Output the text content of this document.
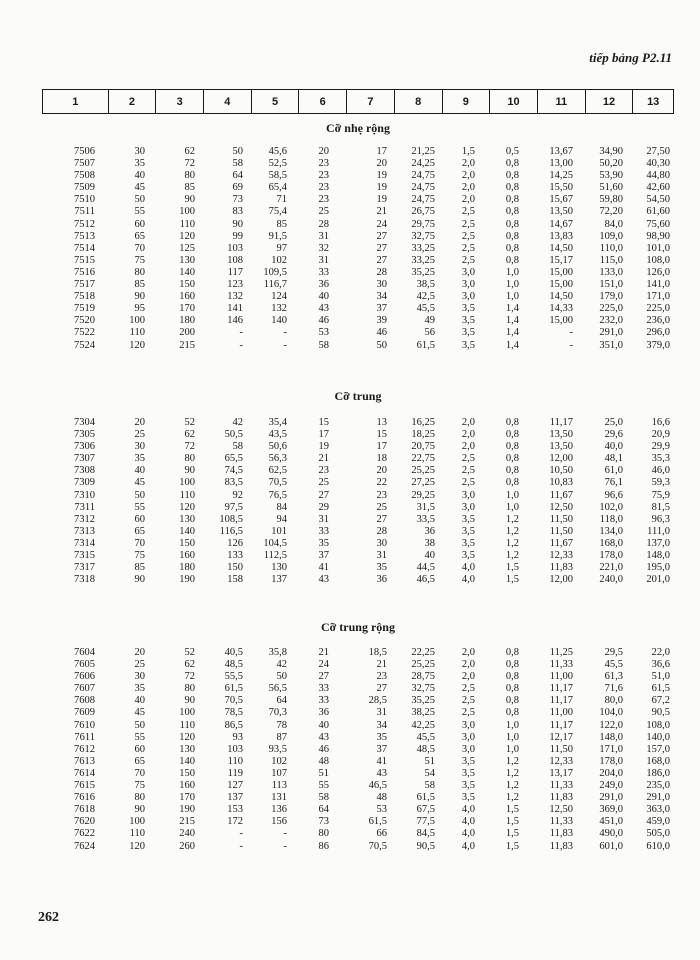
tiếp bảng P2.11
1	2	3	4	5	6	7	8	9	10	11	12	13
Cỡ nhẹ rộng
7506	30	62	50	45,6	20	17	21,25	1,5	0,5	13,67	34,90	27,50
7507	35	72	58	52,5	23	20	24,25	2,0	0,8	13,00	50,20	40,30
7508	40	80	64	58,5	23	19	24,75	2,0	0,8	14,25	53,90	44,80
7509	45	85	69	65,4	23	19	24,75	2,0	0,8	15,50	51,60	42,60
7510	50	90	73	71	23	19	24,75	2,0	0,8	15,67	59,80	54,50
7511	55	100	83	75,4	25	21	26,75	2,5	0,8	13,50	72,20	61,60
7512	60	110	90	85	28	24	29,75	2,5	0,8	14,67	84,0	75,60
7513	65	120	99	91,5	31	27	32,75	2,5	0,8	13,83	109,0	98,90
7514	70	125	103	97	32	27	33,25	2,5	0,8	14,50	110,0	101,0
7515	75	130	108	102	31	27	33,25	2,5	0,8	15,17	115,0	108,0
7516	80	140	117	109,5	33	28	35,25	3,0	1,0	15,00	133,0	126,0
7517	85	150	123	116,7	36	30	38,5	3,0	1,0	15,00	151,0	141,0
7518	90	160	132	124	40	34	42,5	3,0	1,0	14,50	179,0	171,0
7519	95	170	141	132	43	37	45,5	3,5	1,4	14,33	225,0	225,0
7520	100	180	146	140	46	39	49	3,5	1,4	15,00	232,0	236,0
7522	110	200	-	-	53	46	56	3,5	1,4	-	291,0	296,0
7524	120	215	-	-	58	50	61,5	3,5	1,4	-	351,0	379,0
Cỡ trung
7304	20	52	42	35,4	15	13	16,25	2,0	0,8	11,17	25,0	16,6
7305	25	62	50,5	43,5	17	15	18,25	2,0	0,8	13,50	29,6	20,9
7306	30	72	58	50,6	19	17	20,75	2,0	0,8	13,50	40,0	29,9
7307	35	80	65,5	56,3	21	18	22,75	2,5	0,8	12,00	48,1	35,3
7308	40	90	74,5	62,5	23	20	25,25	2,5	0,8	10,50	61,0	46,0
7309	45	100	83,5	70,5	25	22	27,25	2,5	0,8	10,83	76,1	59,3
7310	50	110	92	76,5	27	23	29,25	3,0	1,0	11,67	96,6	75,9
7311	55	120	97,5	84	29	25	31,5	3,0	1,0	12,50	102,0	81,5
7312	60	130	108,5	94	31	27	33,5	3,5	1,2	11,50	118,0	96,3
7313	65	140	116,5	101	33	28	36	3,5	1,2	11,50	134,0	111,0
7314	70	150	126	104,5	35	30	38	3,5	1,2	11,67	168,0	137,0
7315	75	160	133	112,5	37	31	40	3,5	1,2	12,33	178,0	148,0
7317	85	180	150	130	41	35	44,5	4,0	1,5	11,83	221,0	195,0
7318	90	190	158	137	43	36	46,5	4,0	1,5	12,00	240,0	201,0
Cỡ trung rộng
7604	20	52	40,5	35,8	21	18,5	22,25	2,0	0,8	11,25	29,5	22,0
7605	25	62	48,5	42	24	21	25,25	2,0	0,8	11,33	45,5	36,6
7606	30	72	55,5	50	27	23	28,75	2,0	0,8	11,00	61,3	51,0
7607	35	80	61,5	56,5	33	27	32,75	2,5	0,8	11,17	71,6	61,5
7608	40	90	70,5	64	33	28,5	35,25	2,5	0,8	11,17	80,0	67,2
7609	45	100	78,5	70,3	36	31	38,25	2,5	0,8	11,00	104,0	90,5
7610	50	110	86,5	78	40	34	42,25	3,0	1,0	11,17	122,0	108,0
7611	55	120	93	87	43	35	45,5	3,0	1,0	12,17	148,0	140,0
7612	60	130	103	93,5	46	37	48,5	3,0	1,0	11,50	171,0	157,0
7613	65	140	110	102	48	41	51	3,5	1,2	12,33	178,0	168,0
7614	70	150	119	107	51	43	54	3,5	1,2	13,17	204,0	186,0
7615	75	160	127	113	55	46,5	58	3,5	1,2	11,33	249,0	235,0
7616	80	170	137	131	58	48	61,5	3,5	1,2	11,83	291,0	291,0
7618	90	190	153	136	64	53	67,5	4,0	1,5	12,50	369,0	363,0
7620	100	215	172	156	73	61,5	77,5	4,0	1,5	11,33	451,0	459,0
7622	110	240	-	-	80	66	84,5	4,0	1,5	11,83	490,0	505,0
7624	120	260	-	-	86	70,5	90,5	4,0	1,5	11,83	601,0	610,0
262
